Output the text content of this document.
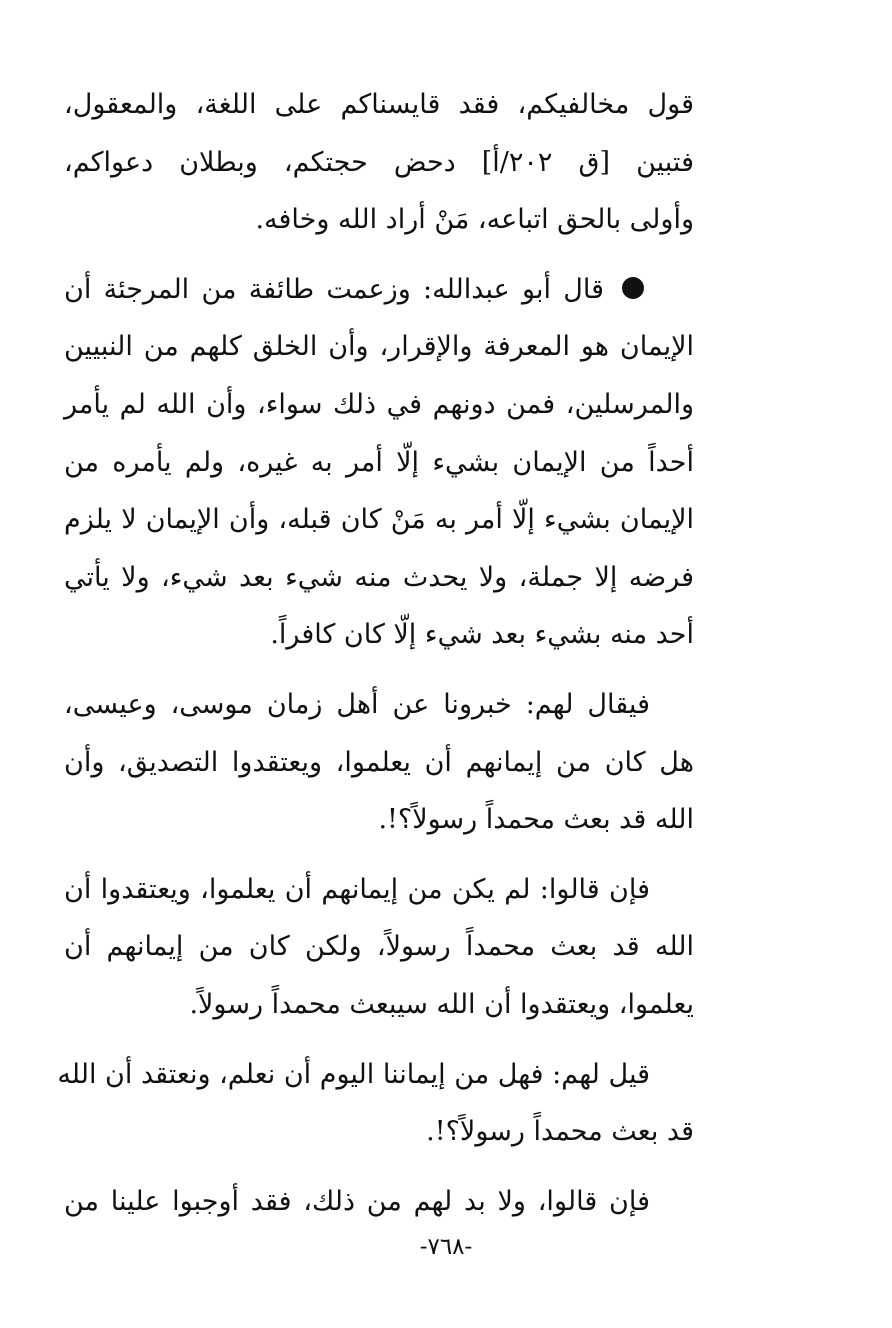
قول مخالفيكم، فقد قايسناكم على اللغة، والمعقول،
فتبين [ق ٢٠٢/أ] دحض حجتكم، وبطلان دعواكم،
وأولى بالحق اتباعه، مَنْ أراد الله وخافه.
قال أبو عبدالله: وزعمت طائفة من المرجئة أن
الإيمان هو المعرفة والإقرار، وأن الخلق كلهم من النبيين
والمرسلين، فمن دونهم في ذلك سواء، وأن الله لم يأمر
أحداً من الإيمان بشيء إلّا أمر به غيره، ولم يأمره من
الإيمان بشيء إلّا أمر به مَنْ كان قبله، وأن الإيمان لا يلزم
فرضه إلا جملة، ولا يحدث منه شيء بعد شيء، ولا يأتي
أحد منه بشيء بعد شيء إلّا كان كافراً.
فيقال لهم: خبرونا عن أهل زمان موسى، وعيسى،
هل كان من إيمانهم أن يعلموا، ويعتقدوا التصديق، وأن
الله قد بعث محمداً رسولاً؟!.
فإن قالوا: لم يكن من إيمانهم أن يعلموا، ويعتقدوا أن
الله قد بعث محمداً رسولاً، ولكن كان من إيمانهم أن
يعلموا، ويعتقدوا أن الله سيبعث محمداً رسولاً.
قيل لهم: فهل من إيماننا اليوم أن نعلم، ونعتقد أن الله
قد بعث محمداً رسولاً؟!.
فإن قالوا، ولا بد لهم من ذلك، فقد أوجبوا علينا من
-٧٦٨-
